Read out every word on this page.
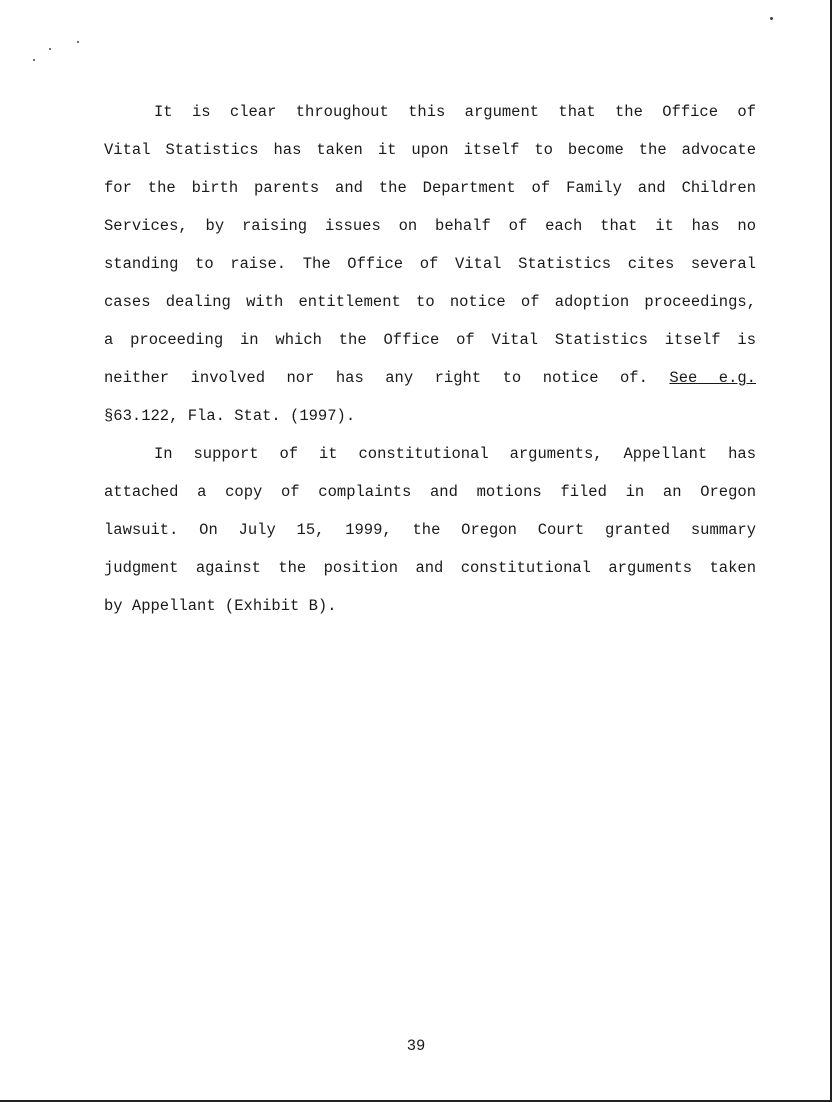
It is clear throughout this argument that the Office of
Vital Statistics has taken it upon itself to become the advocate
for the birth parents and the Department of Family and Children
Services, by raising issues on behalf of each that it has no
standing to raise. The Office of Vital Statistics cites several
cases dealing with entitlement to notice of adoption proceedings,
a proceeding in which the Office of Vital Statistics itself is
neither involved nor has any right to notice of. See e.g.
§63.122, Fla. Stat. (1997).
In support of it constitutional arguments, Appellant has
attached a copy of complaints and motions filed in an Oregon
lawsuit. On July 15, 1999, the Oregon Court granted summary
judgment against the position and constitutional arguments taken
by Appellant (Exhibit B).
39
